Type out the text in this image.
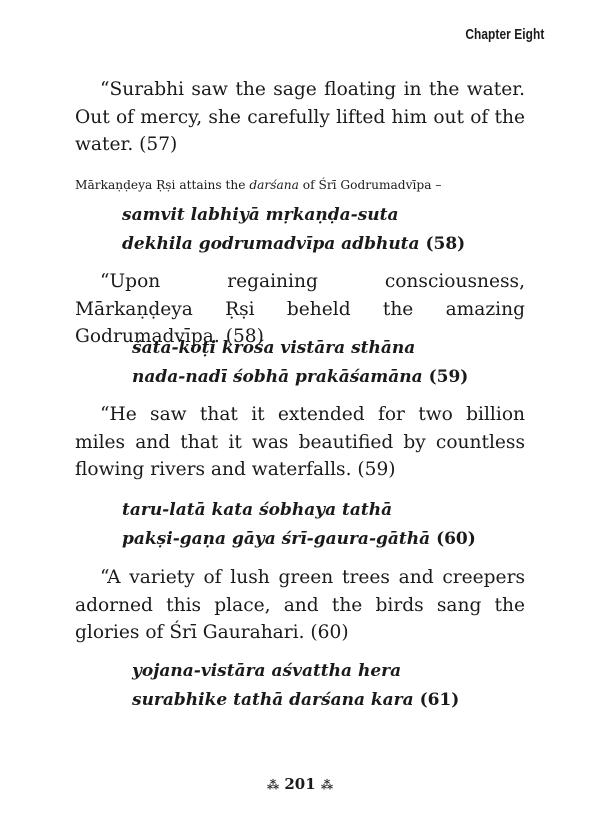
Chapter Eight

“Surabhi saw the sage floating in the water. Out of mercy, she carefully lifted him out of the water. (57)

Mārkaṇḍeya Ṛṣi attains the darśana of Śrī Godrumadvīpa –

samvit labhiyā mṛkaṇḍa-suta
dekhila godrumadvīpa adbhuta (58)

“Upon regaining consciousness, Mārkaṇḍeya Ṛṣi beheld the amazing Godrumadvīpa. (58)

śata-koṭi krośa vistāra sthāna
nada-nadī śobhā prakāśamāna (59)

“He saw that it extended for two billion miles and that it was beautified by countless flowing rivers and waterfalls. (59)

taru-latā kata śobhaya tathā
pakṣi-gaṇa gāya śrī-gaura-gāthā (60)

“A variety of lush green trees and creepers adorned this place, and the birds sang the glories of Śrī Gaurahari. (60)

yojana-vistāra aśvattha hera
surabhike tathā darśana kara (61)
⁂ 201 ⁂
